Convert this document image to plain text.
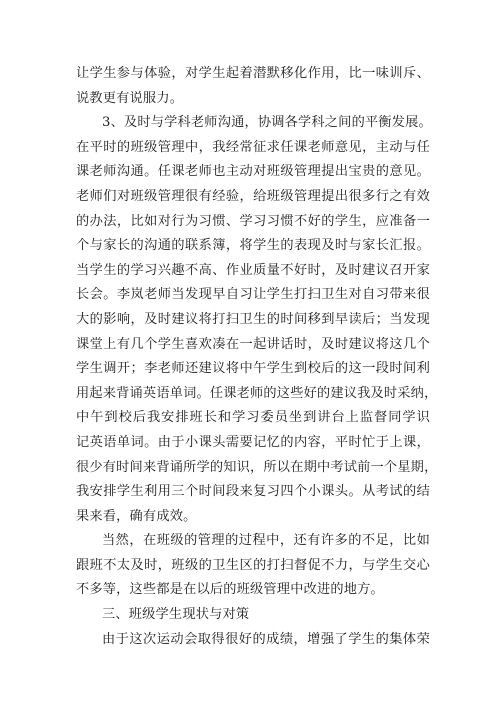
让学生参与体验，对学生起着潜默移化作用，比一味训斥、
说教更有说服力。
3、及时与学科老师沟通，协调各学科之间的平衡发展。
在平时的班级管理中，我经常征求任课老师意见，主动与任
课老师沟通。任课老师也主动对班级管理提出宝贵的意见。
老师们对班级管理很有经验，给班级管理提出很多行之有效
的办法，比如对行为习惯、学习习惯不好的学生，应准备一
个与家长的沟通的联系簿，将学生的表现及时与家长汇报。
当学生的学习兴趣不高、作业质量不好时，及时建议召开家
长会。李岚老师当发现早自习让学生打扫卫生对自习带来很
大的影响，及时建议将打扫卫生的时间移到早读后；当发现
课堂上有几个学生喜欢凑在一起讲话时，及时建议将这几个
学生调开；李老师还建议将中午学生到校后的这一段时间利
用起来背诵英语单词。任课老师的这些好的建议我及时采纳，
中午到校后我安排班长和学习委员坐到讲台上监督同学识
记英语单词。由于小课头需要记忆的内容，平时忙于上课，
很少有时间来背诵所学的知识，所以在期中考试前一个星期，
我安排学生利用三个时间段来复习四个小课头。从考试的结
果来看，确有成效。
当然，在班级的管理的过程中，还有许多的不足，比如
跟班不太及时，班级的卫生区的打扫督促不力，与学生交心
不多等，这些都是在以后的班级管理中改进的地方。
三、班级学生现状与对策
由于这次运动会取得很好的成绩，增强了学生的集体荣
